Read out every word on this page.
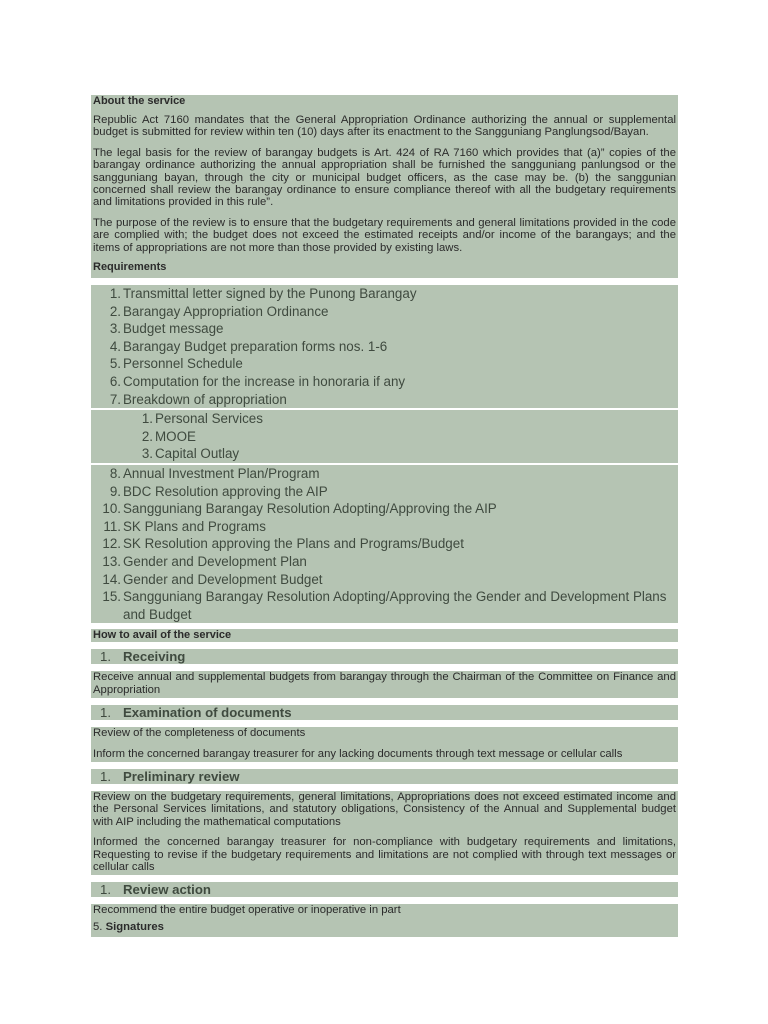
About the service
Republic Act 7160 mandates that the General Appropriation Ordinance authorizing the annual or supplemental budget is submitted for review within ten (10) days after its enactment to the Sangguniang Panglungsod/Bayan.
The legal basis for the review of barangay budgets is Art. 424 of RA 7160 which provides that (a)” copies of the barangay ordinance authorizing the annual appropriation shall be furnished the sangguniang panlungsod or the sangguniang bayan, through the city or municipal budget officers, as the case may be. (b) the sanggunian concerned shall review the barangay ordinance to ensure compliance thereof with all the budgetary requirements and limitations provided in this rule”.
The purpose of the review is to ensure that the budgetary requirements and general limitations provided in the code are complied with; the budget does not exceed the estimated receipts and/or income of the barangays; and the items of appropriations are not more than those provided by existing laws.
Requirements
1. Transmittal letter signed by the Punong Barangay
2. Barangay Appropriation Ordinance
3. Budget message
4. Barangay Budget preparation forms nos. 1-6
5. Personnel Schedule
6. Computation for the increase in honoraria if any
7. Breakdown of appropriation
1. Personal Services
2. MOOE
3. Capital Outlay
8. Annual Investment Plan/Program
9. BDC Resolution approving the AIP
10. Sangguniang Barangay Resolution Adopting/Approving the AIP
11. SK Plans and Programs
12. SK Resolution approving the Plans and Programs/Budget
13. Gender and Development Plan
14. Gender and Development Budget
15. Sangguniang Barangay Resolution Adopting/Approving the Gender and Development Plans and Budget
How to avail of the service
1. Receiving
Receive annual and supplemental budgets from barangay through the Chairman of the Committee on Finance and Appropriation
1. Examination of documents
Review of the completeness of documents
Inform the concerned barangay treasurer for any lacking documents through text message or cellular calls
1. Preliminary review
Review on the budgetary requirements, general limitations, Appropriations does not exceed estimated income and the Personal Services limitations, and statutory obligations, Consistency of the Annual and Supplemental budget with AIP including the mathematical computations
Informed the concerned barangay treasurer for non-compliance with budgetary requirements and limitations, Requesting to revise if the budgetary requirements and limitations are not complied with through text messages or cellular calls
1. Review action
Recommend the entire budget operative or inoperative in part
5. Signatures
